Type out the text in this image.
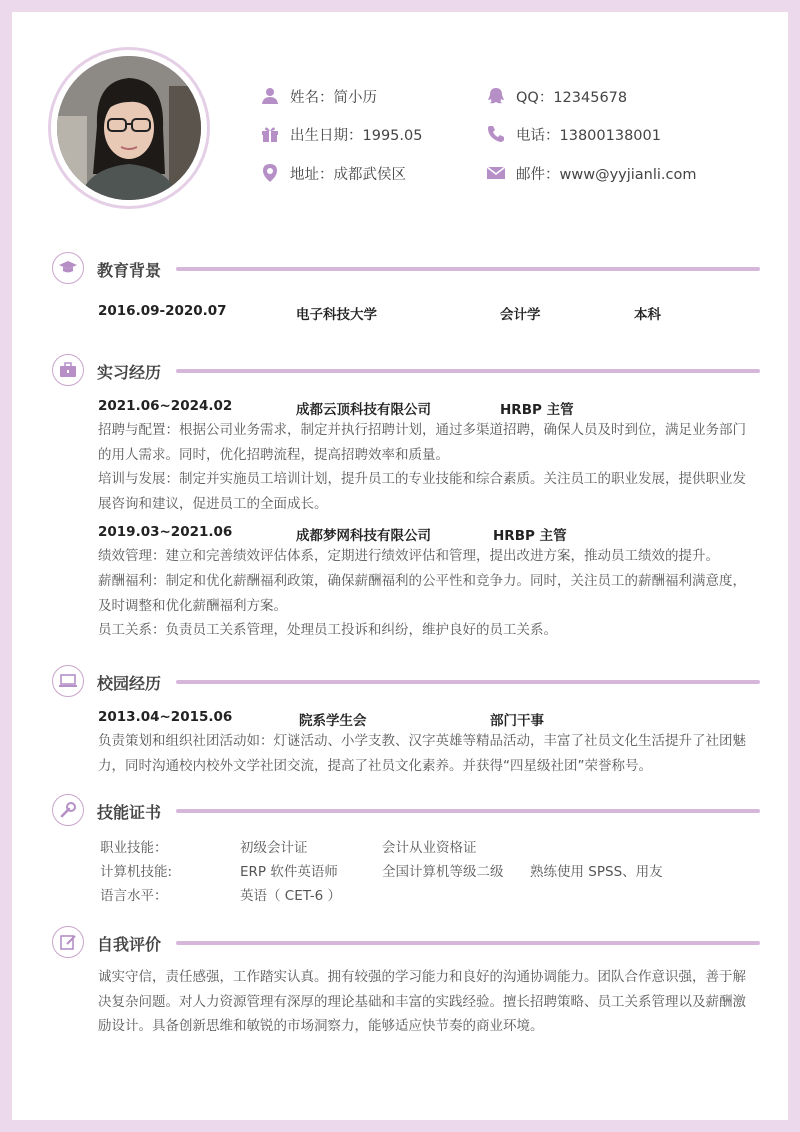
姓名：简小历
出生日期：1995.05
地址：成都武侯区
QQ：12345678
电话：13800138001
邮件：www@yyjianli.com
教育背景
2016.09-2020.07	电子科技大学	会计学	本科
实习经历
2021.06~2024.02	成都云顶科技有限公司	HRBP 主管
招聘与配置：根据公司业务需求，制定并执行招聘计划，通过多渠道招聘，确保人员及时到位，满足业务部门的用人需求。同时，优化招聘流程，提高招聘效率和质量。
培训与发展：制定并实施员工培训计划，提升员工的专业技能和综合素质。关注员工的职业发展，提供职业发展咨询和建议，促进员工的全面成长。
2019.03~2021.06	成都梦网科技有限公司	HRBP 主管
绩效管理：建立和完善绩效评估体系，定期进行绩效评估和管理，提出改进方案，推动员工绩效的提升。
薪酬福利：制定和优化薪酬福利政策，确保薪酬福利的公平性和竞争力。同时，关注员工的薪酬福利满意度，及时调整和优化薪酬福利方案。
员工关系：负责员工关系管理，处理员工投诉和纠纷，维护良好的员工关系。
校园经历
2013.04~2015.06	院系学生会	部门干事
负责策划和组织社团活动如：灯谜活动、小学支教、汉字英雄等精品活动，丰富了社员文化生活提升了社团魅力，同时沟通校内校外文学社团交流，提高了社员文化素养。并获得“四星级社团”荣誉称号。
技能证书
职业技能：	初级会计证	会计从业资格证
计算机技能:	ERP 软件英语师	全国计算机等级二级 熟练使用 SPSS、用友
语言水平：	英语（ CET-6 ）
自我评价
诚实守信，责任感强，工作踏实认真。拥有较强的学习能力和良好的沟通协调能力。团队合作意识强，善于解决复杂问题。对人力资源管理有深厚的理论基础和丰富的实践经验。擅长招聘策略、员工关系管理以及薪酬激励设计。具备创新思维和敏锐的市场洞察力，能够适应快节奏的商业环境。
